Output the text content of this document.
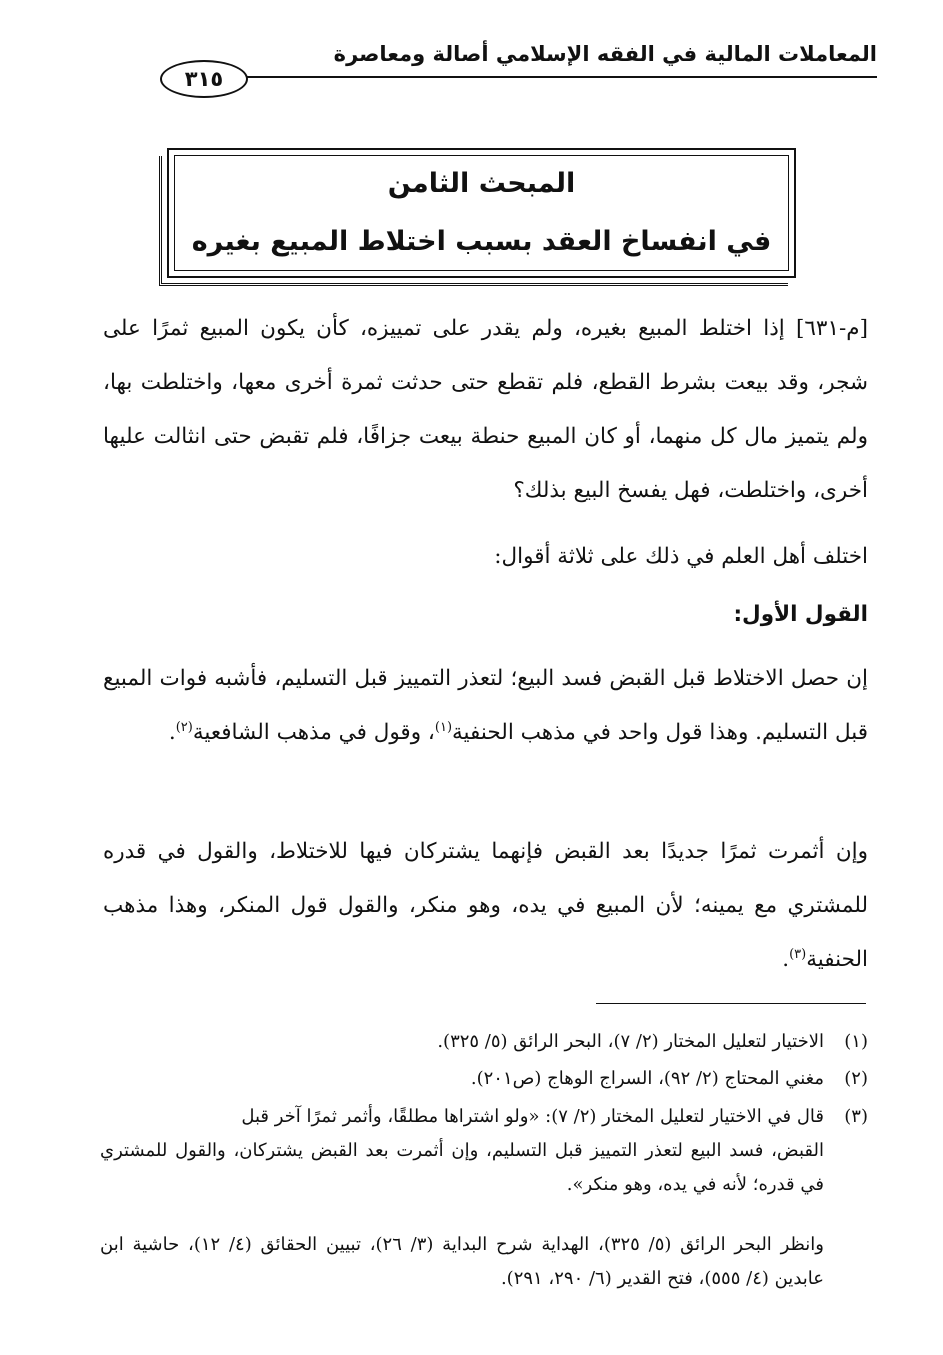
المعاملات المالية في الفقه الإسلامي أصالة ومعاصرة
٣١٥
المبحث الثامن
في انفساخ العقد بسبب اختلاط المبيع بغيره
[م-٦٣١] إذا اختلط المبيع بغيره، ولم يقدر على تمييزه، كأن يكون المبيع ثمرًا على شجر، وقد بيعت بشرط القطع، فلم تقطع حتى حدثت ثمرة أخرى معها، واختلطت بها، ولم يتميز مال كل منهما، أو كان المبيع حنطة بيعت جزافًا، فلم تقبض حتى انثالت عليها أخرى، واختلطت، فهل يفسخ البيع بذلك؟
اختلف أهل العلم في ذلك على ثلاثة أقوال:
القول الأول:
إن حصل الاختلاط قبل القبض فسد البيع؛ لتعذر التمييز قبل التسليم، فأشبه فوات المبيع قبل التسليم. وهذا قول واحد في مذهب الحنفية$^{(١)}$، وقول في مذهب الشافعية$^{(٢)}$.
وإن أثمرت ثمرًا جديدًا بعد القبض فإنهما يشتركان فيها للاختلاط، والقول في قدره للمشتري مع يمينه؛ لأن المبيع في يده، وهو منكر، والقول قول المنكر، وهذا مذهب الحنفية$^{(٣)}$.
(١)الاختيار لتعليل المختار (٢/ ٧)، البحر الرائق (٥/ ٣٢٥).
(٢)مغني المحتاج (٢/ ٩٢)، السراج الوهاج (ص٢٠١).
(٣)قال في الاختيار لتعليل المختار (٢/ ٧): «ولو اشتراها مطلقًا، وأثمر ثمرًا آخر قبل
القبض، فسد البيع لتعذر التمييز قبل التسليم، وإن أثمرت بعد القبض يشتركان، والقول للمشتري في قدره؛ لأنه في يده، وهو منكر».
وانظر البحر الرائق (٥/ ٣٢٥)، الهداية شرح البداية (٣/ ٢٦)، تبيين الحقائق (٤/ ١٢)، حاشية ابن عابدين (٤/ ٥٥٥)، فتح القدير (٦/ ٢٩٠، ٢٩١).
